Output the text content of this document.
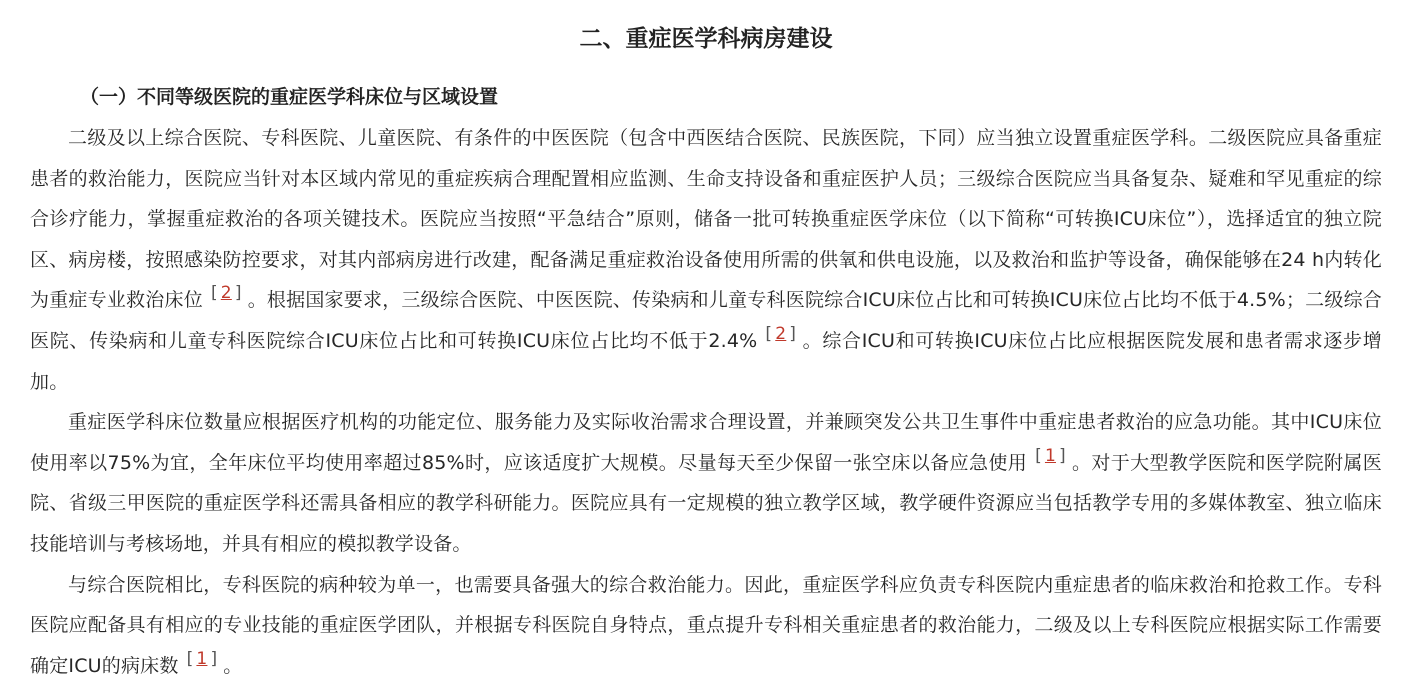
二、重症医学科病房建设
（一）不同等级医院的重症医学科床位与区域设置

二级及以上综合医院、专科医院、儿童医院、有条件的中医医院（包含中西医结合医院、民族医院，下同）应当独立设置重症医学科。二级医院应具备重症患者的救治能力，医院应当针对本区域内常见的重症疾病合理配置相应监测、生命支持设备和重症医护人员；三级综合医院应当具备复杂、疑难和罕见重症的综合诊疗能力，掌握重症救治的各项关键技术。医院应当按照“平急结合”原则，储备一批可转换重症医学床位（以下简称“可转换ICU床位”），选择适宜的独立院区、病房楼，按照感染防控要求，对其内部病房进行改建，配备满足重症救治设备使用所需的供氧和供电设施，以及救治和监护等设备，确保能够在24 h内转化为重症专业救治床位 [ 2 ] 。根据国家要求，三级综合医院、中医医院、传染病和儿童专科医院综合ICU床位占比和可转换ICU床位占比均不低于4.5%；二级综合医院、传染病和儿童专科医院综合ICU床位占比和可转换ICU床位占比均不低于2.4% [ 2 ] 。综合ICU和可转换ICU床位占比应根据医院发展和患者需求逐步增加。

重症医学科床位数量应根据医疗机构的功能定位、服务能力及实际收治需求合理设置，并兼顾突发公共卫生事件中重症患者救治的应急功能。其中ICU床位使用率以75%为宜，全年床位平均使用率超过85%时，应该适度扩大规模。尽量每天至少保留一张空床以备应急使用 [ 1 ] 。对于大型教学医院和医学院附属医院、省级三甲医院的重症医学科还需具备相应的教学科研能力。医院应具有一定规模的独立教学区域，教学硬件资源应当包括教学专用的多媒体教室、独立临床技能培训与考核场地，并具有相应的模拟教学设备。

与综合医院相比，专科医院的病种较为单一，也需要具备强大的综合救治能力。因此，重症医学科应负责专科医院内重症患者的临床救治和抢救工作。专科医院应配备具有相应的专业技能的重症医学团队，并根据专科医院自身特点，重点提升专科相关重症患者的救治能力，二级及以上专科医院应根据实际工作需要确定ICU的病床数 [ 1 ] 。
